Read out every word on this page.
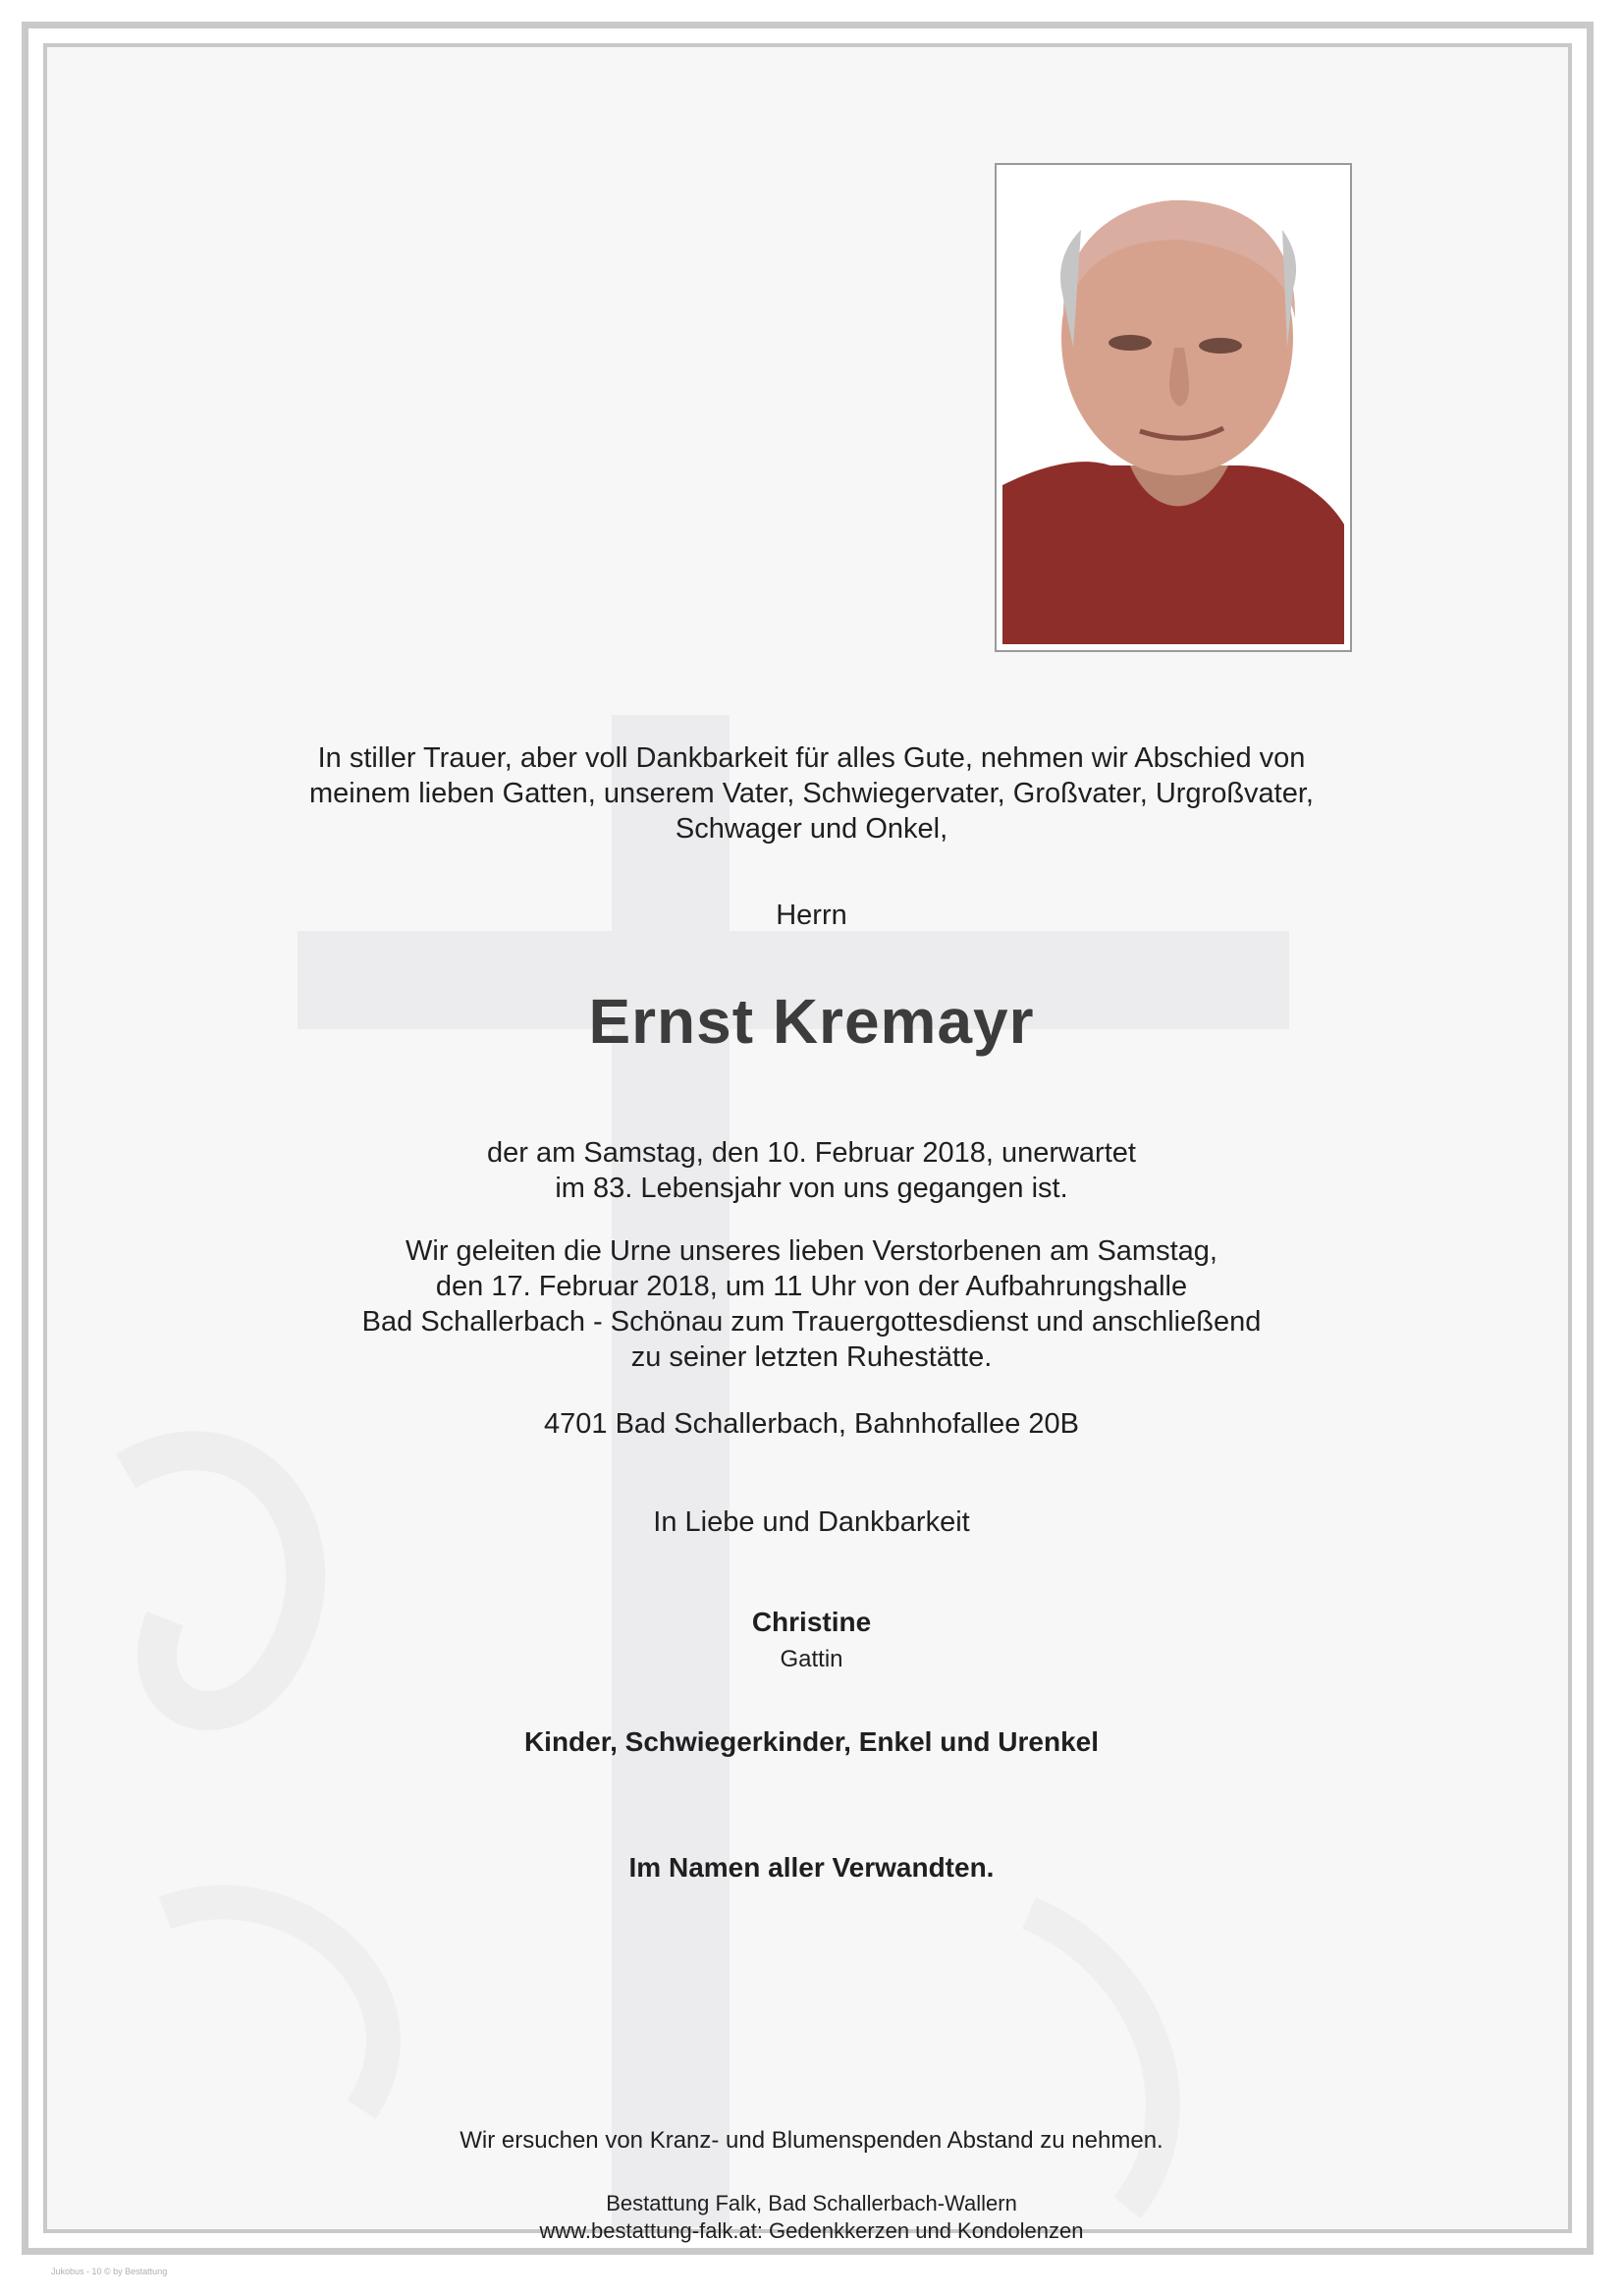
In stiller Trauer, aber voll Dankbarkeit für alles Gute, nehmen wir Abschied von
meinem lieben Gatten, unserem Vater, Schwiegervater, Großvater, Urgroßvater,
Schwager und Onkel,
Herrn
Ernst Kremayr
der am Samstag, den 10. Februar 2018, unerwartet
im 83. Lebensjahr von uns gegangen ist.
Wir geleiten die Urne unseres lieben Verstorbenen am Samstag,
den 17. Februar 2018, um 11 Uhr von der Aufbahrungshalle
Bad Schallerbach - Schönau zum Trauergottesdienst und anschließend
zu seiner letzten Ruhestätte.
4701 Bad Schallerbach, Bahnhofallee 20B
In Liebe und Dankbarkeit
Christine
Gattin
Kinder, Schwiegerkinder, Enkel und Urenkel
Im Namen aller Verwandten.
Wir ersuchen von Kranz- und Blumenspenden Abstand zu nehmen.
Bestattung Falk, Bad Schallerbach-Wallern
www.bestattung-falk.at: Gedenkkerzen und Kondolenzen
Jukobus - 10 © by Bestattung
